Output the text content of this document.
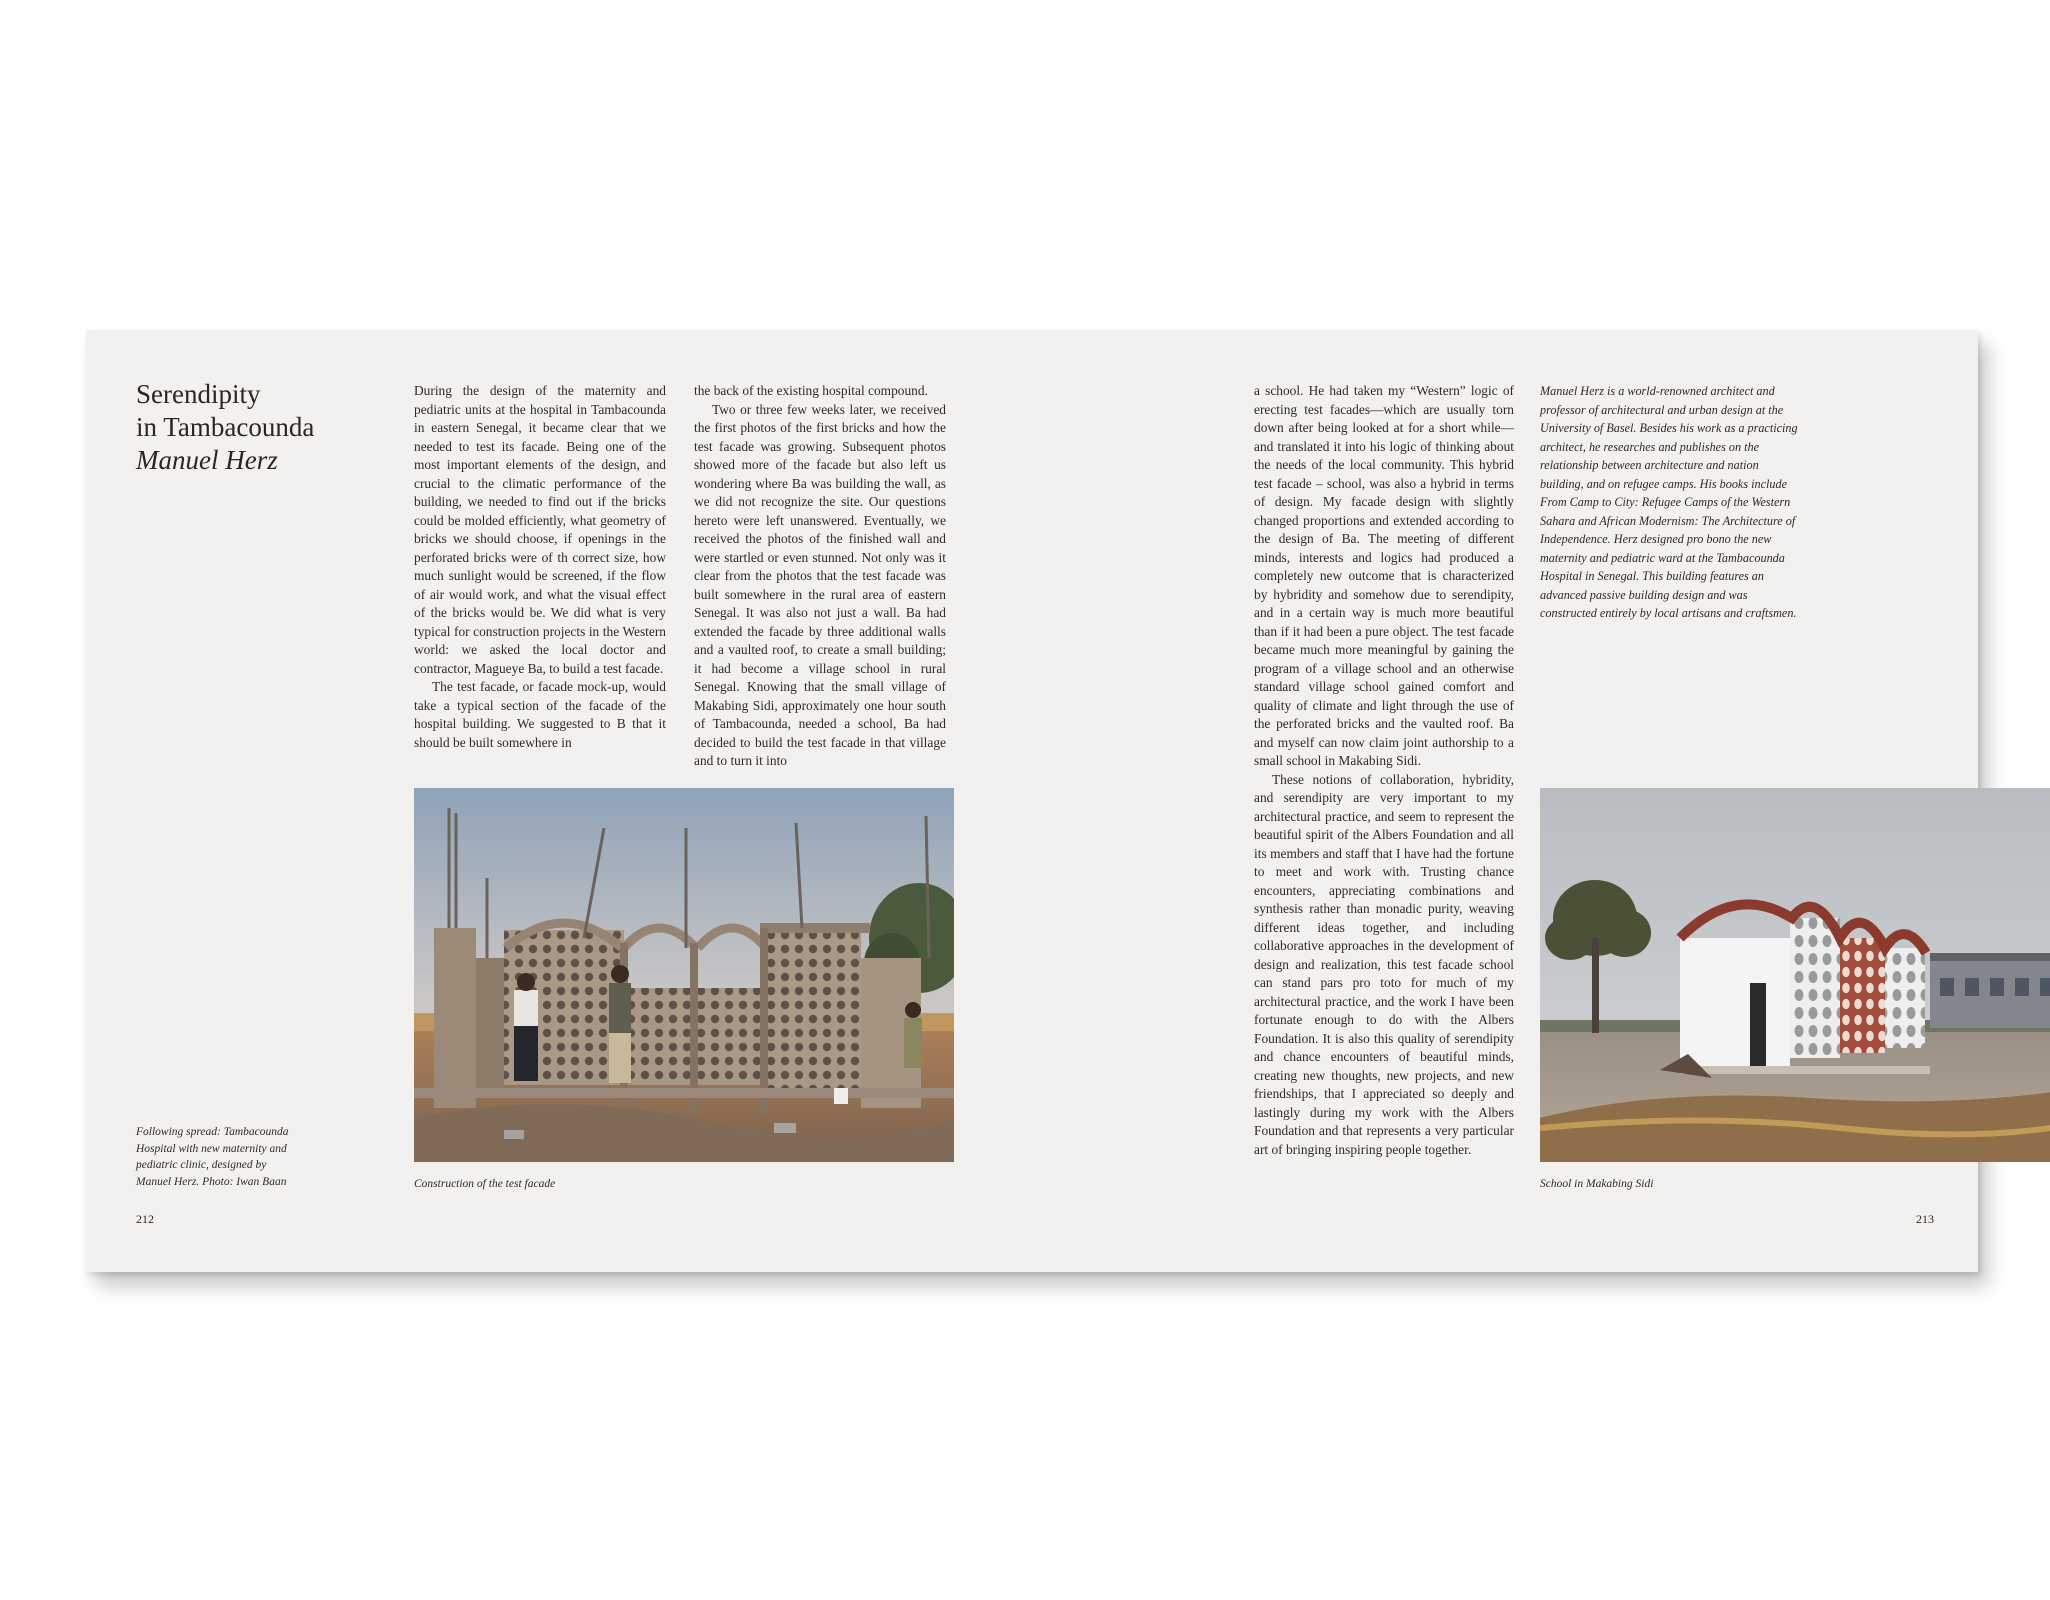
Serendipity
in Tambacounda
Manuel Herz

During the design of the maternity and pediatric units at the hospital in Tambacounda in eastern Senegal, it became clear that we needed to test its facade. Being one of the most important elements of the design, and crucial to the climatic performance of the building, we needed to find out if the bricks could be molded efficiently, what geometry of bricks we should choose, if openings in the perforated bricks were of th correct size, how much sunlight would be screened, if the flow of air would work, and what the visual effect of the bricks would be. We did what is very typical for construction projects in the Western world: we asked the local doctor and contractor, Magueye Ba, to build a test facade.

The test facade, or facade mock-up, would take a typical section of the facade of the hospital building. We suggested to B that it should be built somewhere in

the back of the existing hospital compound.

Two or three few weeks later, we received the first photos of the first bricks and how the test facade was growing. Subsequent photos showed more of the facade but also left us wondering where Ba was building the wall, as we did not recognize the site. Our questions hereto were left unanswered. Eventually, we received the photos of the finished wall and were startled or even stunned. Not only was it clear from the photos that the test facade was built somewhere in the rural area of eastern Senegal. It was also not just a wall. Ba had extended the facade by three additional walls and a vaulted roof, to create a small building; it had become a village school in rural Senegal. Knowing that the small village of Makabing Sidi, approximately one hour south of Tambacounda, needed a school, Ba had decided to build the test facade in that village and to turn it into

Construction of the test facade
Following spread: Tambacounda Hospital with new maternity and pediatric clinic, designed by Manuel Herz. Photo: Iwan Baan
212

a school. He had taken my “Western” logic of erecting test facades—which are usually torn down after being looked at for a short while—and translated it into his logic of thinking about the needs of the local community. This hybrid test facade – school, was also a hybrid in terms of design. My facade design with slightly changed proportions and extended according to the design of Ba. The meeting of different minds, interests and logics had produced a completely new outcome that is characterized by hybridity and somehow due to serendipity, and in a certain way is much more beautiful than if it had been a pure object. The test facade became much more meaningful by gaining the program of a village school and an otherwise standard village school gained comfort and quality of climate and light through the use of the perforated bricks and the vaulted roof. Ba and myself can now claim joint authorship to a small school in Makabing Sidi.

These notions of collaboration, hybridity, and serendipity are very important to my architectural practice, and seem to represent the beautiful spirit of the Albers Foundation and all its members and staff that I have had the fortune to meet and work with. Trusting chance encounters, appreciating combinations and synthesis rather than monadic purity, weaving different ideas together, and including collaborative approaches in the development of design and realization, this test facade school can stand pars pro toto for much of my architectural practice, and the work I have been fortunate enough to do with the Albers Foundation. It is also this quality of serendipity and chance encounters of beautiful minds, creating new thoughts, new projects, and new friendships, that I appreciated so deeply and lastingly during my work with the Albers Foundation and that represents a very particular art of bringing inspiring people together.

Manuel Herz is a world-renowned architect and professor of architectural and urban design at the University of Basel. Besides his work as a practicing architect, he researches and publishes on the relationship between architecture and nation building, and on refugee camps. His books include From Camp to City: Refugee Camps of the Western Sahara and African Modernism: The Architecture of Independence. Herz designed pro bono the new maternity and pediatric ward at the Tambacounda Hospital in Senegal. This building features an advanced passive building design and was constructed entirely by local artisans and craftsmen.

School in Makabing Sidi
213
